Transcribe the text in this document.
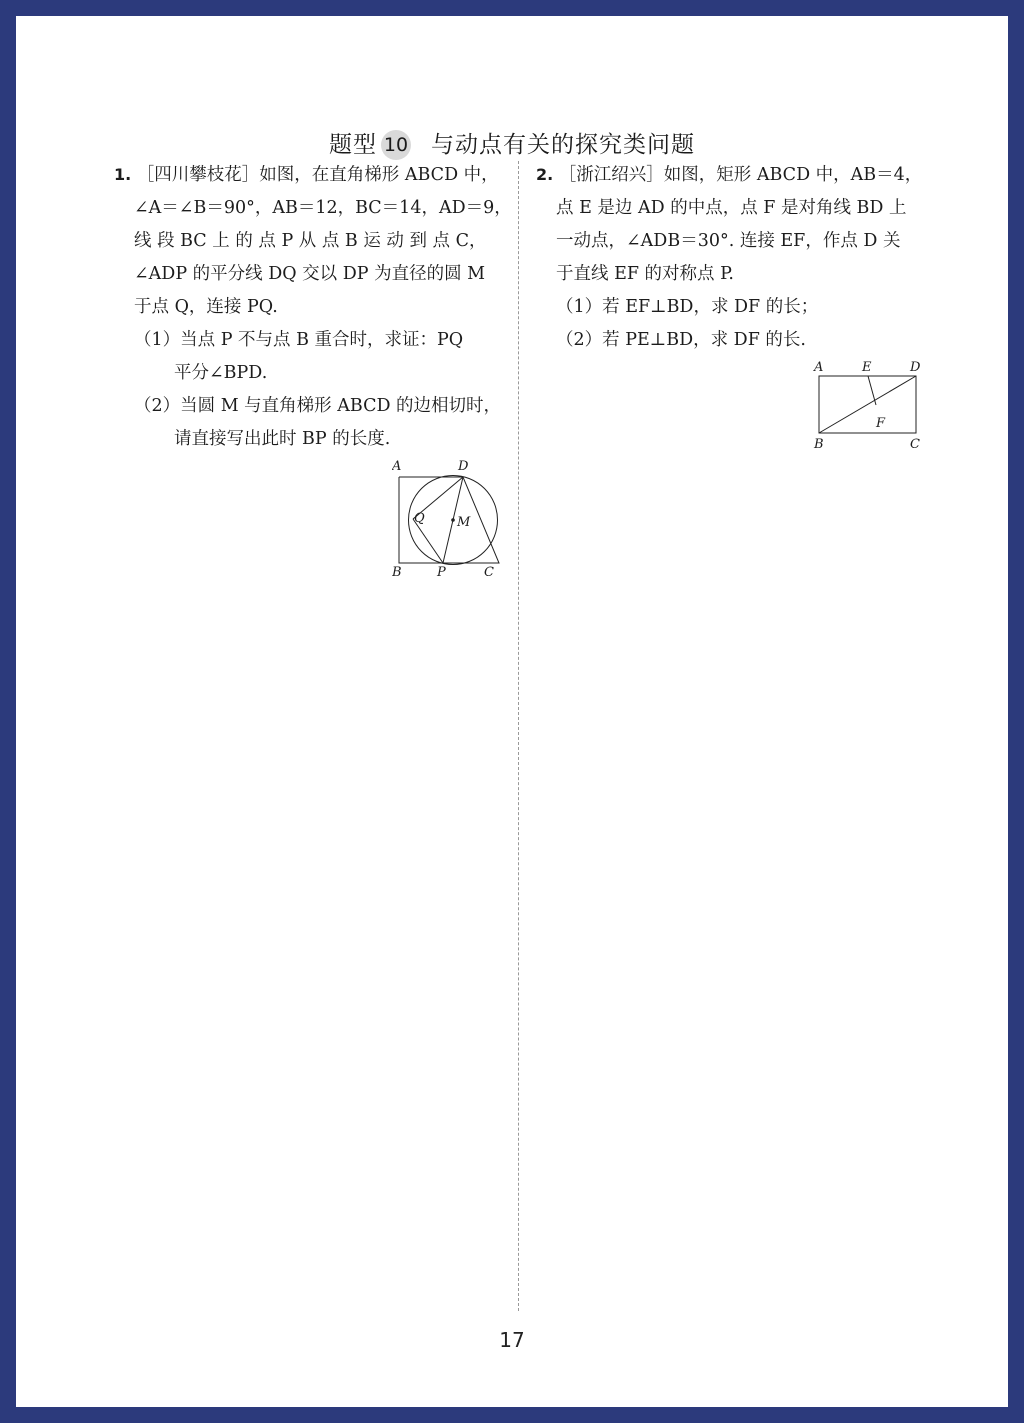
题型 10 与动点有关的探究类问题
1. ［四川攀枝花］如图，在直角梯形 ABCD 中，
∠A＝∠B＝90°，AB＝12，BC＝14，AD＝9，
线 段 BC 上 的 点 P 从 点 B 运 动 到 点 C，
∠ADP 的平分线 DQ 交以 DP 为直径的圆 M
于点 Q，连接 PQ.
（1）当点 P 不与点 B 重合时，求证：PQ
平分∠BPD.
（2）当圆 M 与直角梯形 ABCD 的边相切时，
请直接写出此时 BP 的长度.
A	D
Q M
B	P	C
2. ［浙江绍兴］如图，矩形 ABCD 中，AB＝4，
点 E 是边 AD 的中点，点 F 是对角线 BD 上
一动点，∠ADB＝30°. 连接 EF，作点 D 关
于直线 EF 的对称点 P.
（1）若 EF⊥BD，求 DF 的长；
（2）若 PE⊥BD，求 DF 的长.
A	E	D
F
B	C
17
